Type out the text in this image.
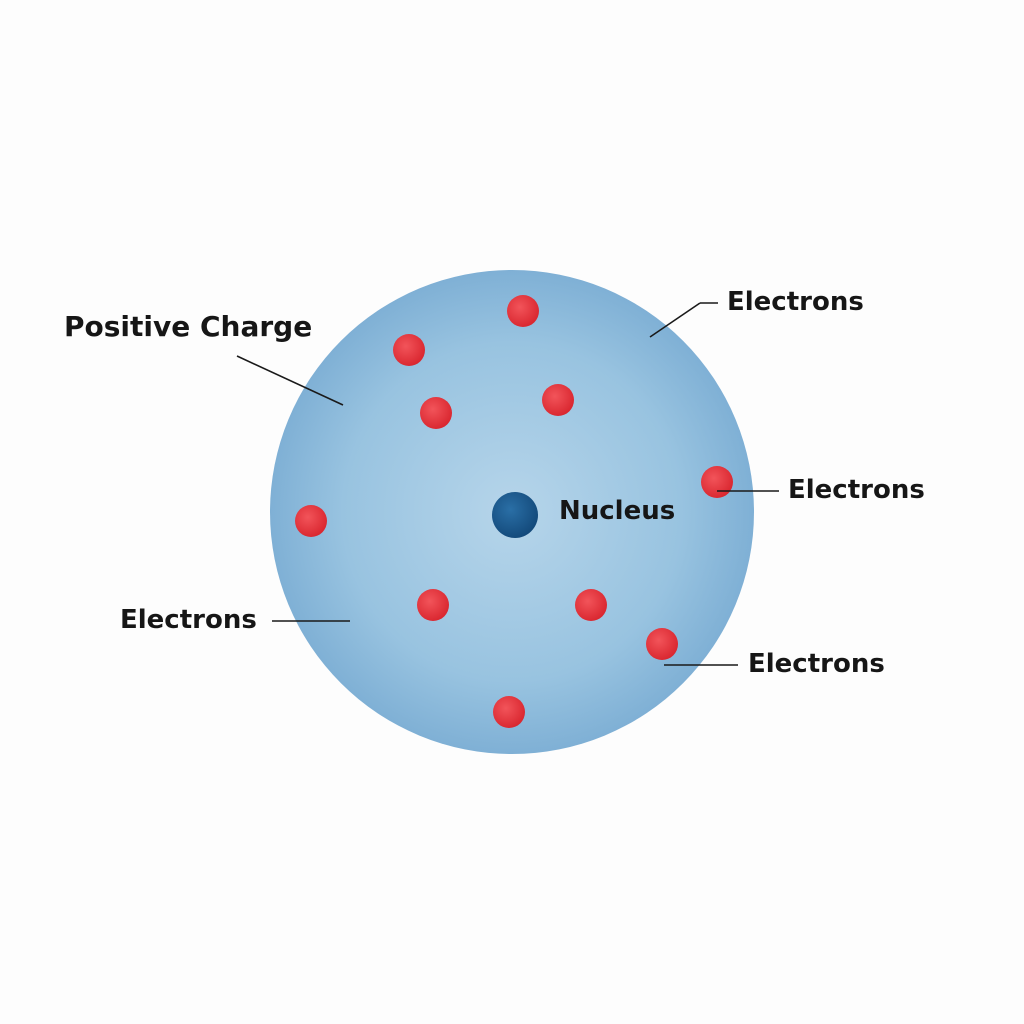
Positive Charge
Electrons
Electrons
Electrons
Electrons
Nucleus
